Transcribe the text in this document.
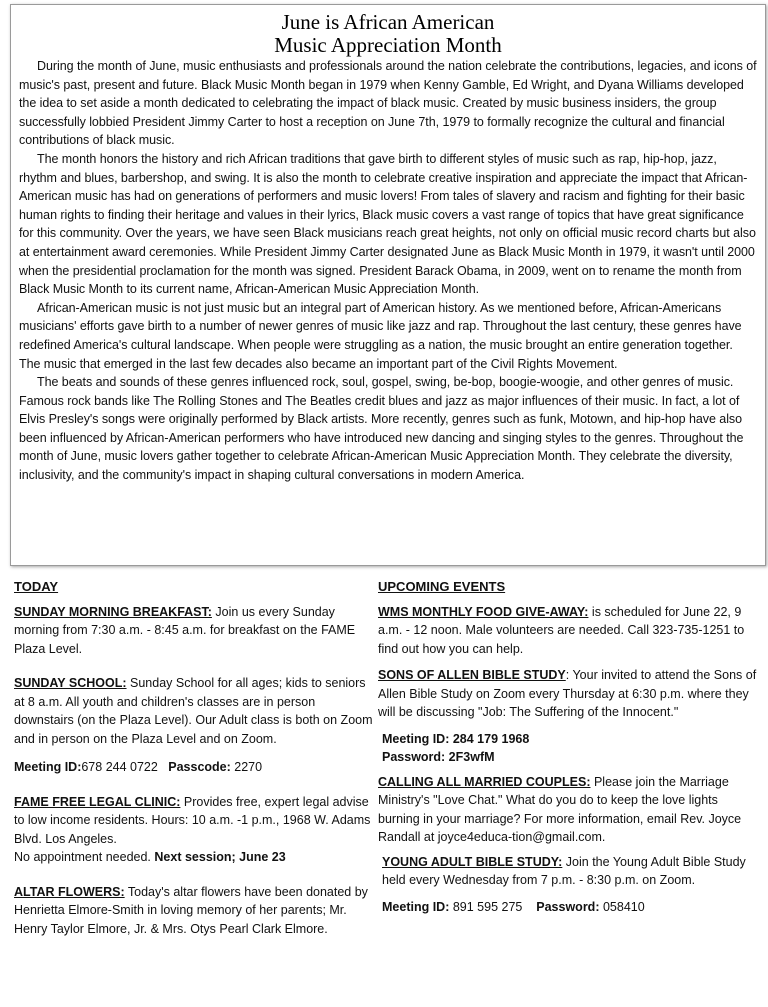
June is African American
Music Appreciation Month

During the month of June, music enthusiasts and professionals around the nation celebrate the contributions, legacies, and icons of music's past, present and future. Black Music Month began in 1979 when Kenny Gamble, Ed Wright, and Dyana Williams developed the idea to set aside a month dedicated to celebrating the impact of black music. Created by music business insiders, the group successfully lobbied President Jimmy Carter to host a reception on June 7th, 1979 to formally recognize the cultural and financial contributions of black music.

The month honors the history and rich African traditions that gave birth to different styles of music such as rap, hip-hop, jazz, rhythm and blues, barbershop, and swing. It is also the month to celebrate creative inspiration and appreciate the impact that African-American music has had on generations of performers and music lovers! From tales of slavery and racism and fighting for their basic human rights to finding their heritage and values in their lyrics, Black music covers a vast range of topics that have great significance for this community. Over the years, we have seen Black musicians reach great heights, not only on official music record charts but also at entertainment award ceremonies. While President Jimmy Carter designated June as Black Music Month in 1979, it wasn't until 2000 when the presidential proclamation for the month was signed. President Barack Obama, in 2009, went on to rename the month from Black Music Month to its current name, African-American Music Appreciation Month.

African-American music is not just music but an integral part of American history. As we mentioned before, African-Americans musicians' efforts gave birth to a number of newer genres of music like jazz and rap. Throughout the last century, these genres have redefined America's cultural landscape. When people were struggling as a nation, the music brought an entire generation together. The music that emerged in the last few decades also became an important part of the Civil Rights Movement.

The beats and sounds of these genres influenced rock, soul, gospel, swing, be-bop, boogie-woogie, and other genres of music. Famous rock bands like The Rolling Stones and The Beatles credit blues and jazz as major influences of their music. In fact, a lot of Elvis Presley's songs were originally performed by Black artists. More recently, genres such as funk, Motown, and hip-hop have also been influenced by African-American performers who have introduced new dancing and singing styles to the genres. Throughout the month of June, music lovers gather together to celebrate African-American Music Appreciation Month. They celebrate the diversity, inclusivity, and the community's impact in shaping cultural conversations in modern America.

TODAY
SUNDAY MORNING BREAKFAST: Join us every Sunday morning from 7:30 a.m. - 8:45 a.m. for breakfast on the FAME Plaza Level.
SUNDAY SCHOOL: Sunday School for all ages; kids to seniors at 8 a.m. All youth and children's classes are in person downstairs (on the Plaza Level). Our Adult class is both on Zoom and in person on the Plaza Level and on Zoom.
Meeting ID:678 244 0722 Passcode: 2270
FAME FREE LEGAL CLINIC: Provides free, expert legal advise to low income residents. Hours: 10 a.m. -1 p.m., 1968 W. Adams Blvd. Los Angeles.
No appointment needed. Next session; June 23
ALTAR FLOWERS: Today's altar flowers have been donated by Henrietta Elmore-Smith in loving memory of her parents; Mr. Henry Taylor Elmore, Jr. & Mrs. Otys Pearl Clark Elmore.
UPCOMING EVENTS
WMS MONTHLY FOOD GIVE-AWAY: is scheduled for June 22, 9 a.m. - 12 noon. Male volunteers are needed. Call 323-735-1251 to find out how you can help.
SONS OF ALLEN BIBLE STUDY: Your invited to attend the Sons of Allen Bible Study on Zoom every Thursday at 6:30 p.m. where they will be discussing "Job: The Suffering of the Innocent."
Meeting ID: 284 179 1968
Password: 2F3wfM
CALLING ALL MARRIED COUPLES: Please join the Marriage Ministry's "Love Chat." What do you do to keep the love lights burning in your marriage? For more information, email Rev. Joyce Randall at joyce4educa-tion@gmail.com.
YOUNG ADULT BIBLE STUDY: Join the Young Adult Bible Study held every Wednesday from 7 p.m. - 8:30 p.m. on Zoom.
Meeting ID: 891 595 275 Password: 058410
